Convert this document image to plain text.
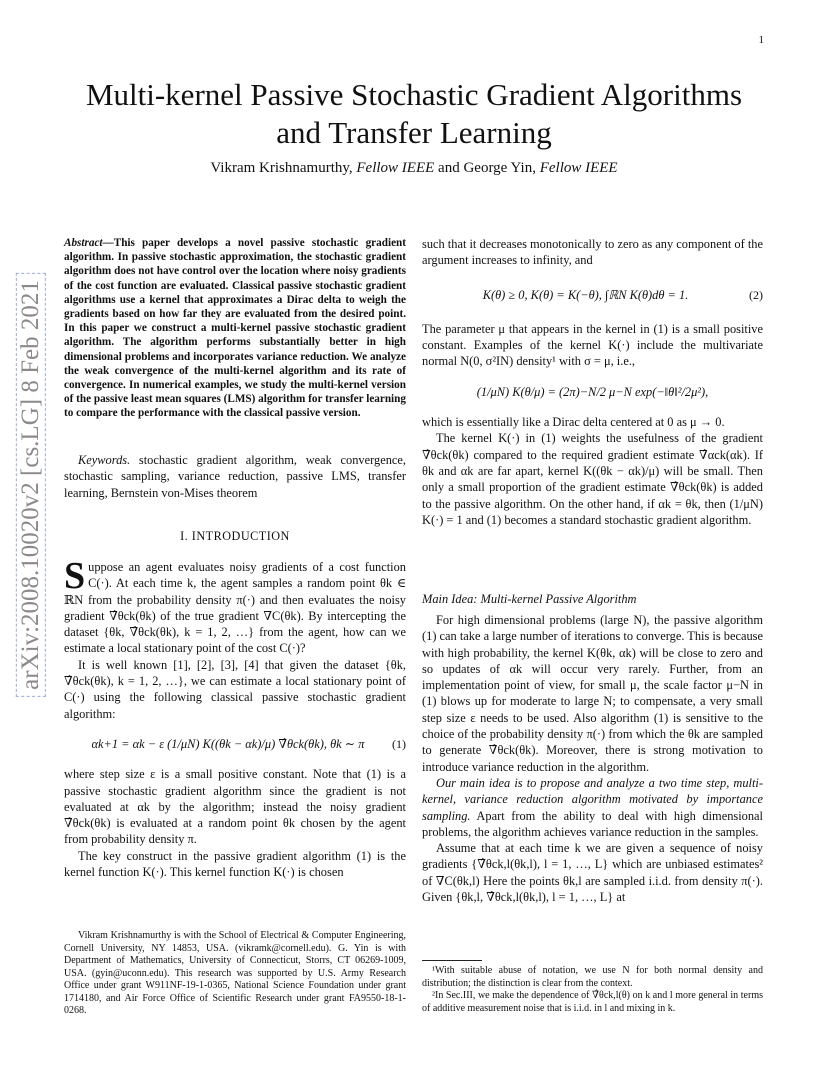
1
Multi-kernel Passive Stochastic Gradient Algorithms
and Transfer Learning
Vikram Krishnamurthy, Fellow IEEE and George Yin, Fellow IEEE
arXiv:2008.10020v2 [cs.LG] 8 Feb 2021
Abstract—This paper develops a novel passive stochastic gradient algorithm. In passive stochastic approximation, the stochastic gradient algorithm does not have control over the location where noisy gradients of the cost function are evaluated. Classical passive stochastic gradient algorithms use a kernel that approximates a Dirac delta to weigh the gradients based on how far they are evaluated from the desired point. In this paper we construct a multi-kernel passive stochastic gradient algorithm. The algorithm performs substantially better in high dimensional problems and incorporates variance reduction. We analyze the weak convergence of the multi-kernel algorithm and its rate of convergence. In numerical examples, we study the multi-kernel version of the passive least mean squares (LMS) algorithm for transfer learning to compare the performance with the classical passive version.
Keywords. stochastic gradient algorithm, weak convergence, stochastic sampling, variance reduction, passive LMS, transfer learning, Bernstein von-Mises theorem
I. INTRODUCTION

Suppose an agent evaluates noisy gradients of a cost function C(·). At each time k, the agent samples a random point θk ∈ ℝN from the probability density π(·) and then evaluates the noisy gradient ∇̂θck(θk) of the true gradient ∇C(θk). By intercepting the dataset {θk, ∇̂θck(θk), k = 1, 2, …} from the agent, how can we estimate a local stationary point of the cost C(·)?

It is well known [1], [2], [3], [4] that given the dataset {θk, ∇̂θck(θk), k = 1, 2, …}, we can estimate a local stationary point of C(·) using the following classical passive stochastic gradient algorithm:

αk+1 = αk − ε (1/μN) K((θk − αk)/μ) ∇̂θck(θk), θk ∼ π	(1)

where step size ε is a small positive constant. Note that (1) is a passive stochastic gradient algorithm since the gradient is not evaluated at αk by the algorithm; instead the noisy gradient ∇̂θck(θk) is evaluated at a random point θk chosen by the agent from probability density π.

The key construct in the passive gradient algorithm (1) is the kernel function K(·). This kernel function K(·) is chosen

Vikram Krishnamurthy is with the School of Electrical & Computer Engineering, Cornell University, NY 14853, USA. (vikramk@cornell.edu). G. Yin is with Department of Mathematics, University of Connecticut, Storrs, CT 06269-1009, USA. (gyin@uconn.edu). This research was supported by U.S. Army Research Office under grant W911NF-19-1-0365, National Science Foundation under grant 1714180, and Air Force Office of Scientific Research under grant FA9550-18-1-0268.

such that it decreases monotonically to zero as any component of the argument increases to infinity, and

K(θ) ≥ 0, K(θ) = K(−θ), ∫ℝN K(θ)dθ = 1.	(2)

The parameter μ that appears in the kernel in (1) is a small positive constant. Examples of the kernel K(·) include the multivariate normal N(0, σ²IN) density¹ with σ = μ, i.e.,

(1/μN) K(θ/μ) = (2π)−N/2 μ−N exp(−‖θ‖²/2μ²),

which is essentially like a Dirac delta centered at 0 as μ → 0.

The kernel K(·) in (1) weights the usefulness of the gradient ∇̂θck(θk) compared to the required gradient estimate ∇̂αck(αk). If θk and αk are far apart, kernel K((θk − αk)/μ) will be small. Then only a small proportion of the gradient estimate ∇̂θck(θk) is added to the passive algorithm. On the other hand, if αk = θk, then (1/μN) K(·) = 1 and (1) becomes a standard stochastic gradient algorithm.

Main Idea: Multi-kernel Passive Algorithm

For high dimensional problems (large N), the passive algorithm (1) can take a large number of iterations to converge. This is because with high probability, the kernel K(θk, αk) will be close to zero and so updates of αk will occur very rarely. Further, from an implementation point of view, for small μ, the scale factor μ−N in (1) blows up for moderate to large N; to compensate, a very small step size ε needs to be used. Also algorithm (1) is sensitive to the choice of the probability density π(·) from which the θk are sampled to generate ∇̂θck(θk). Moreover, there is strong motivation to introduce variance reduction in the algorithm.

Our main idea is to propose and analyze a two time step, multi-kernel, variance reduction algorithm motivated by importance sampling. Apart from the ability to deal with high dimensional problems, the algorithm achieves variance reduction in the samples.

Assume that at each time k we are given a sequence of noisy gradients {∇̂θck,l(θk,l), l = 1, …, L} which are unbiased estimates² of ∇C(θk,l) Here the points θk,l are sampled i.i.d. from density π(·). Given {θk,l, ∇̂θck,l(θk,l), l = 1, …, L} at

¹With suitable abuse of notation, we use N for both normal density and distribution; the distinction is clear from the context.

²In Sec.III, we make the dependence of ∇̂θck,l(θ) on k and l more general in terms of additive measurement noise that is i.i.d. in l and mixing in k.
